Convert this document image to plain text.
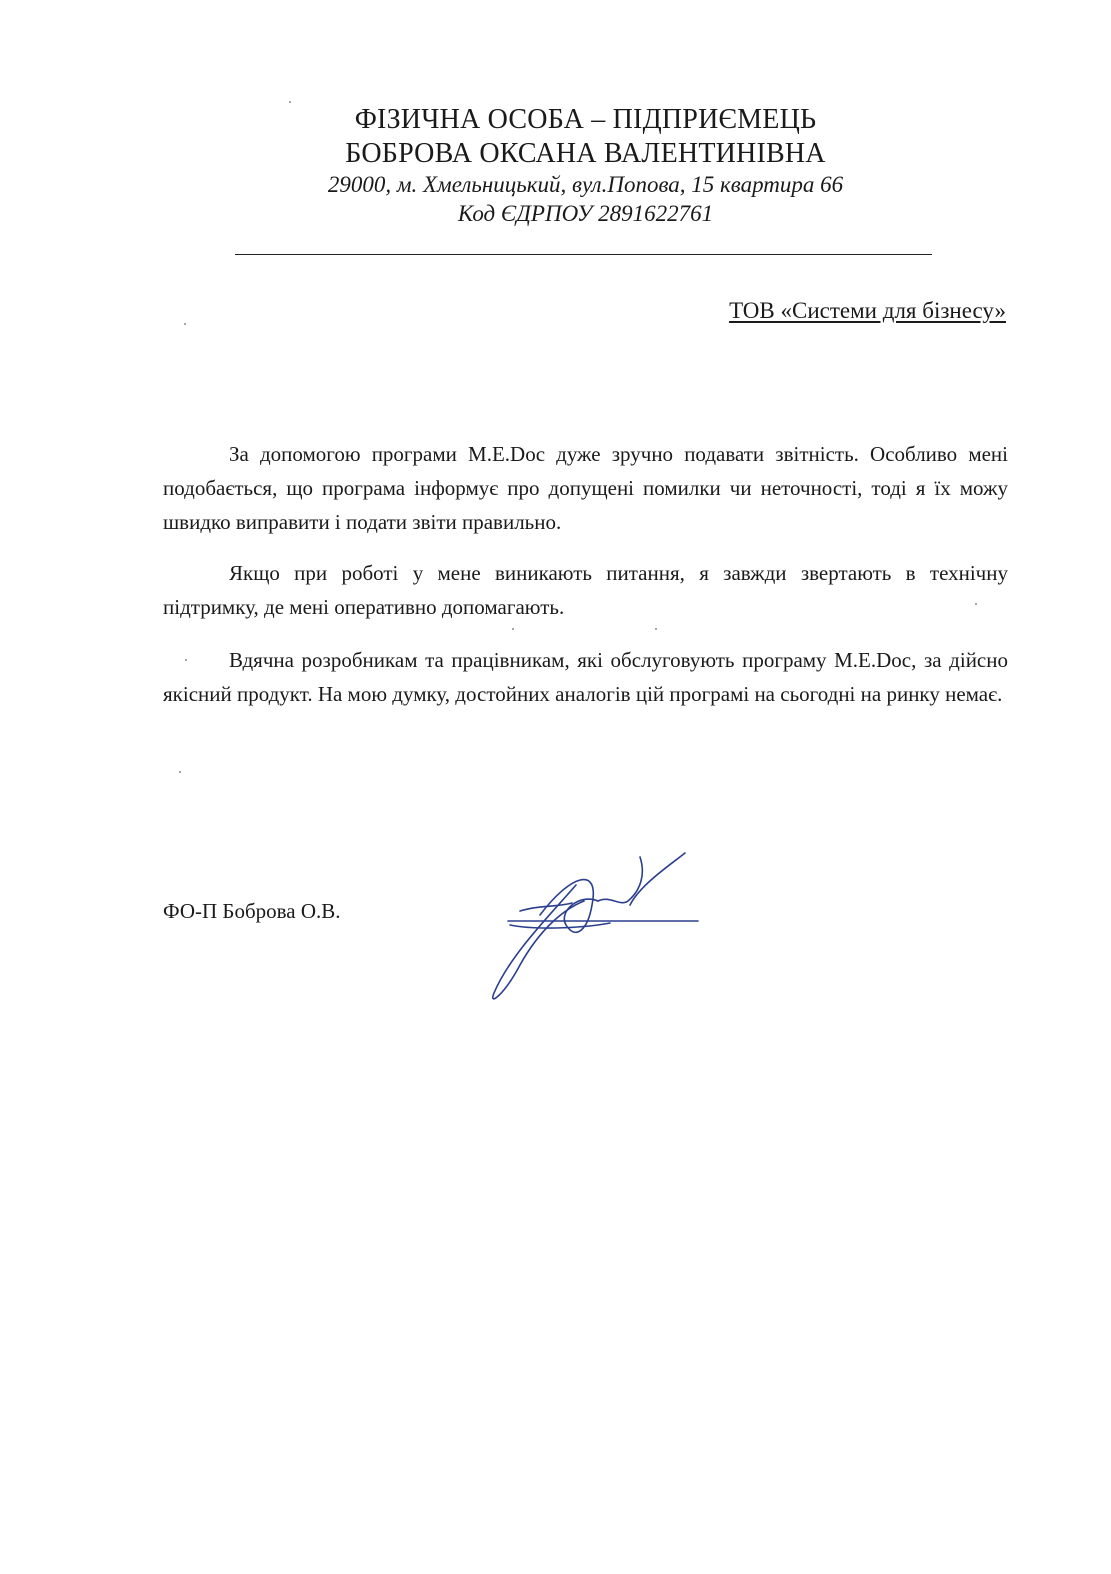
ФІЗИЧНА ОСОБА – ПІДПРИЄМЕЦЬ
БОБРОВА ОКСАНА ВАЛЕНТИНІВНА
29000, м. Хмельницький, вул.Попова, 15 квартира 66
Код ЄДРПОУ 2891622761
ТОВ «Системи для бізнесу»
За допомогою програми M.E.Doc дуже зручно подавати звітність. Особливо мені подобається, що програма інформує про допущені помилки чи неточності, тоді я їх можу швидко виправити і подати звіти правильно.
Якщо при роботі у мене виникають питання, я завжди звертають в технічну підтримку, де мені оперативно допомагають.
Вдячна розробникам та працівникам, які обслуговують програму M.E.Doc, за дійсно якісний продукт. На мою думку, достойних аналогів цій програмі на сьогодні на ринку немає.
ФО-П Боброва О.В.
